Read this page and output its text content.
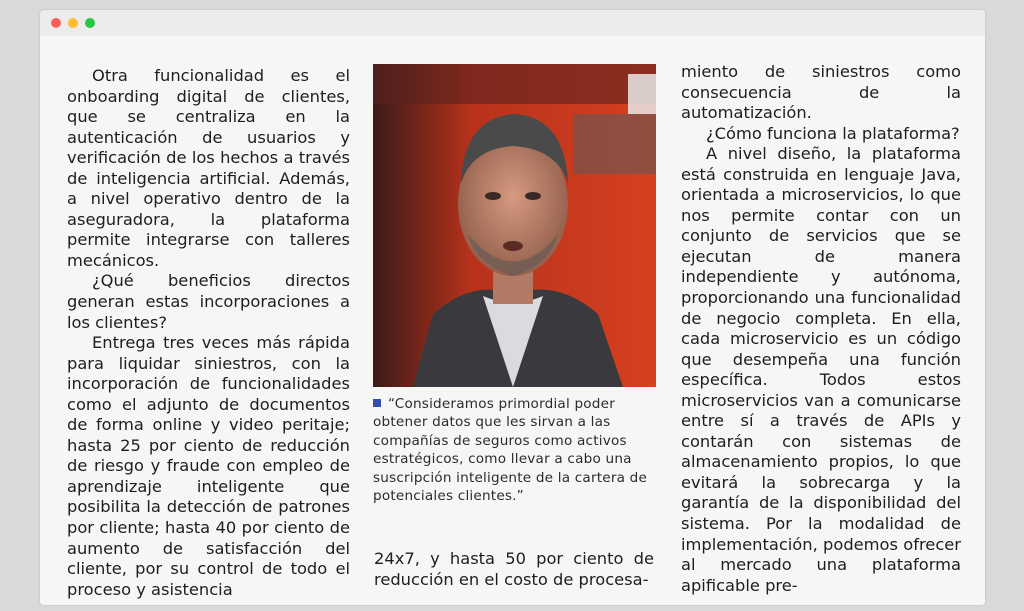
Otra funcionalidad es el onboarding digital de clientes, que se centraliza en la autenticación de usuarios y verificación de los hechos a través de inteligencia artificial. Además, a nivel operativo dentro de la aseguradora, la plataforma permite integrarse con talleres mecánicos.

¿Qué beneficios directos generan estas incorporaciones a los clientes?

Entrega tres veces más rápida para liquidar siniestros, con la incorporación de funcionalidades como el adjunto de documentos de forma online y video peritaje; hasta 25 por ciento de reducción de riesgo y fraude con empleo de aprendizaje inteligente que posibilita la detección de patrones por cliente; hasta 40 por ciento de aumento de satisfacción del cliente, por su control de todo el proceso y asistencia

“Consideramos primordial poder obtener datos que les sirvan a las compañías de seguros como activos estratégicos, como llevar a cabo una suscripción inteligente de la cartera de potenciales clientes.”

24x7, y hasta 50 por ciento de reducción en el costo de procesa-

miento de siniestros como consecuencia de la automatización.

¿Cómo funciona la plataforma?

A nivel diseño, la plataforma está construida en lenguaje Java, orientada a microservicios, lo que nos permite contar con un conjunto de servicios que se ejecutan de manera independiente y autónoma, proporcionando una funcionalidad de negocio completa. En ella, cada microservicio es un código que desempeña una función específica. Todos estos microservicios van a comunicarse entre sí a través de APIs y contarán con sistemas de almacenamiento propios, lo que evitará la sobrecarga y la garantía de la disponibilidad del sistema. Por la modalidad de implementación, podemos ofrecer al mercado una plataforma apificable pre-
